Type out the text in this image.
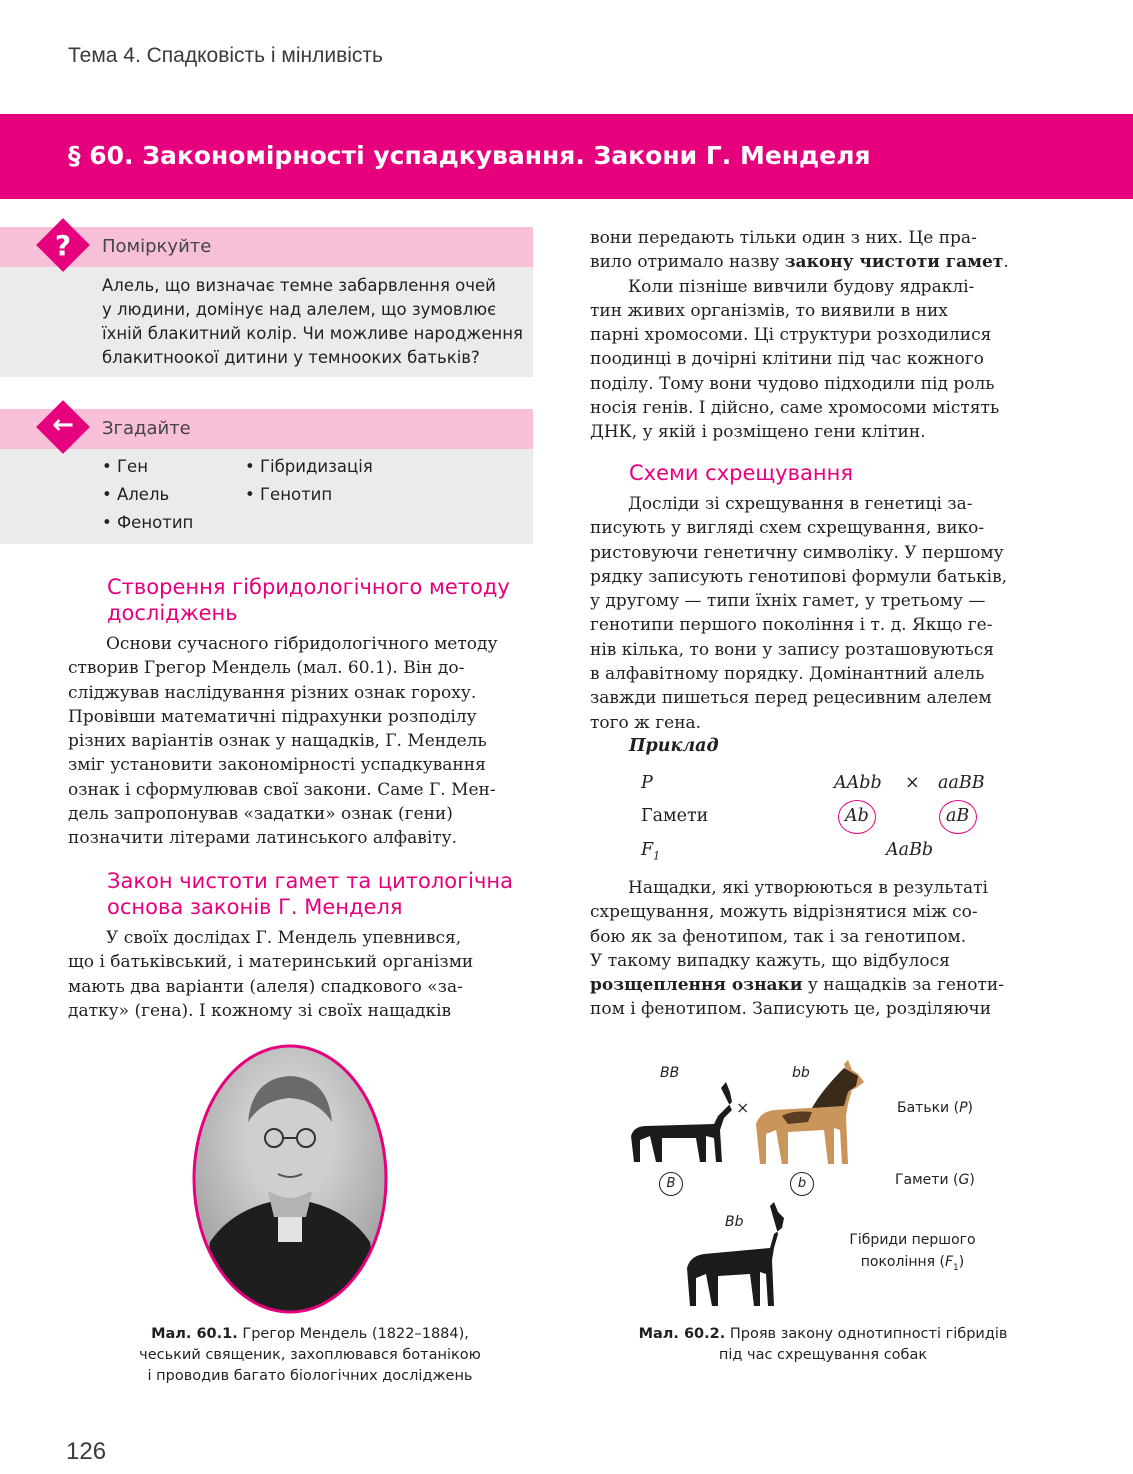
Тема 4. Спадковість і мінливість
§ 60. Закономірності успадкування. Закони Г. Менделя
?	Поміркуйте
Алель, що визначає темне забарвлення очей
у людини, домінує над алелем, що зумовлює
їхній блакитний колір. Чи можливе народження
блакитноокої дитини у темнооких батьків?
←	Згадайте
• Ген	• Гібридизація
• Алель	• Генотип
• Фенотип
Створення гібридологічного методу
досліджень
Основи сучасного гібридологічного методу
створив Грегор Мендель (мал. 60.1). Він до-
сліджував наслідування різних ознак гороху.
Провівши математичні підрахунки розподілу
різних варіантів ознак у нащадків, Г. Мендель
зміг установити закономірності успадкування
ознак і сформулював свої закони. Саме Г. Мен-
дель запропонував «задатки» ознак (гени)
позначити літерами латинського алфавіту.
Закон чистоти гамет та цитологічна
основа законів Г. Менделя
У своїх дослідах Г. Мендель упевнився,
що і батьківський, і материнський організми
мають два варіанти (алеля) спадкового «за-
датку» (гена). І кожному зі своїх нащадків
вони передають тільки один з них. Це пра-
вило отримало назву закону чистоти гамет.
Коли пізніше вивчили будову ядраклі-
тин живих організмів, то виявили в них
парні хромосоми. Ці структури розходилися
поодинці в дочірні клітини під час кожного
поділу. Тому вони чудово підходили під роль
носія генів. І дійсно, саме хромосоми містять
ДНК, у якій і розміщено гени клітин.
Схеми схрещування
Досліди зі схрещування в генетиці за-
писують у вигляді схем схрещування, вико-
ристовуючи генетичну символіку. У першому
рядку записують генотипові формули батьків,
у другому — типи їхніх гамет, у третьому —
генотипи першого покоління і т. д. Якщо ге-
нів кілька, то вони у запису розташовуються
в алфавітному порядку. Домінантний алель
завжди пишеться перед рецесивним алелем
того ж гена.
Приклад
P	AAbb × aaBB
Гамети	Ab	aB
$F_1$	AaBb
Нащадки, які утворюються в результаті
схрещування, можуть відрізнятися між со-
бою як за фенотипом, так і за генотипом.
У такому випадку кажуть, що відбулося
розщеплення ознаки у нащадків за геноти-
пом і фенотипом. Записують це, розділяючи
Мал. 60.1. Грегор Мендель (1822–1884),
чеський священик, захоплювався ботанікою
і проводив багато біологічних досліджень
BB	bb
×
B	b
Bb
Батьки (P)
Гамети (G)
Гібриди першого
покоління $(F_1)$
Мал. 60.2. Прояв закону однотипності гібридів
під час схрещування собак
126
